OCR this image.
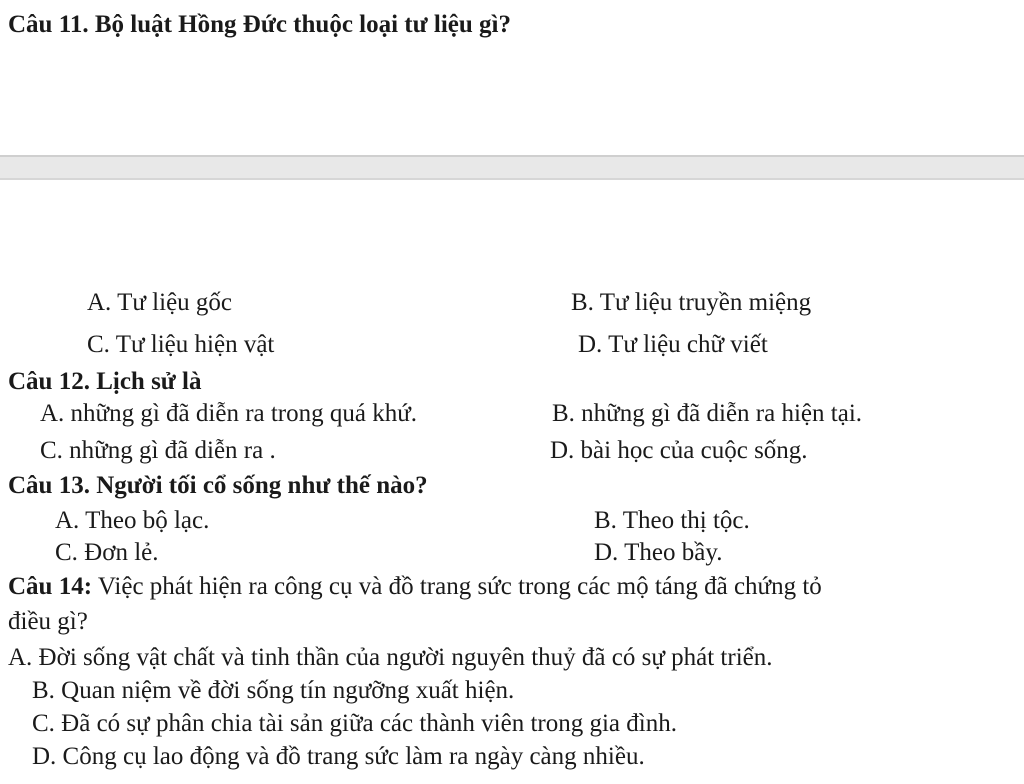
Câu 11. Bộ luật Hồng Đức thuộc loại tư liệu gì?
A. Tư liệu gốc	B. Tư liệu truyền miệng
C. Tư liệu hiện vật	D. Tư liệu chữ viết
Câu 12. Lịch sử là
A. những gì đã diễn ra trong quá khứ.	B. những gì đã diễn ra hiện tại.
C. những gì đã diễn ra .	D. bài học của cuộc sống.
Câu 13. Người tối cổ sống như thế nào?
A. Theo bộ lạc.	B. Theo thị tộc.
C. Đơn lẻ.	D. Theo bầy.
Câu 14: Việc phát hiện ra công cụ và đồ trang sức trong các mộ táng đã chứng tỏ
điều gì?
A. Đời sống vật chất và tinh thần của người nguyên thuỷ đã có sự phát triển.
B. Quan niệm về đời sống tín ngưỡng xuất hiện.
C. Đã có sự phân chia tài sản giữa các thành viên trong gia đình.
D. Công cụ lao động và đồ trang sức làm ra ngày càng nhiều.
